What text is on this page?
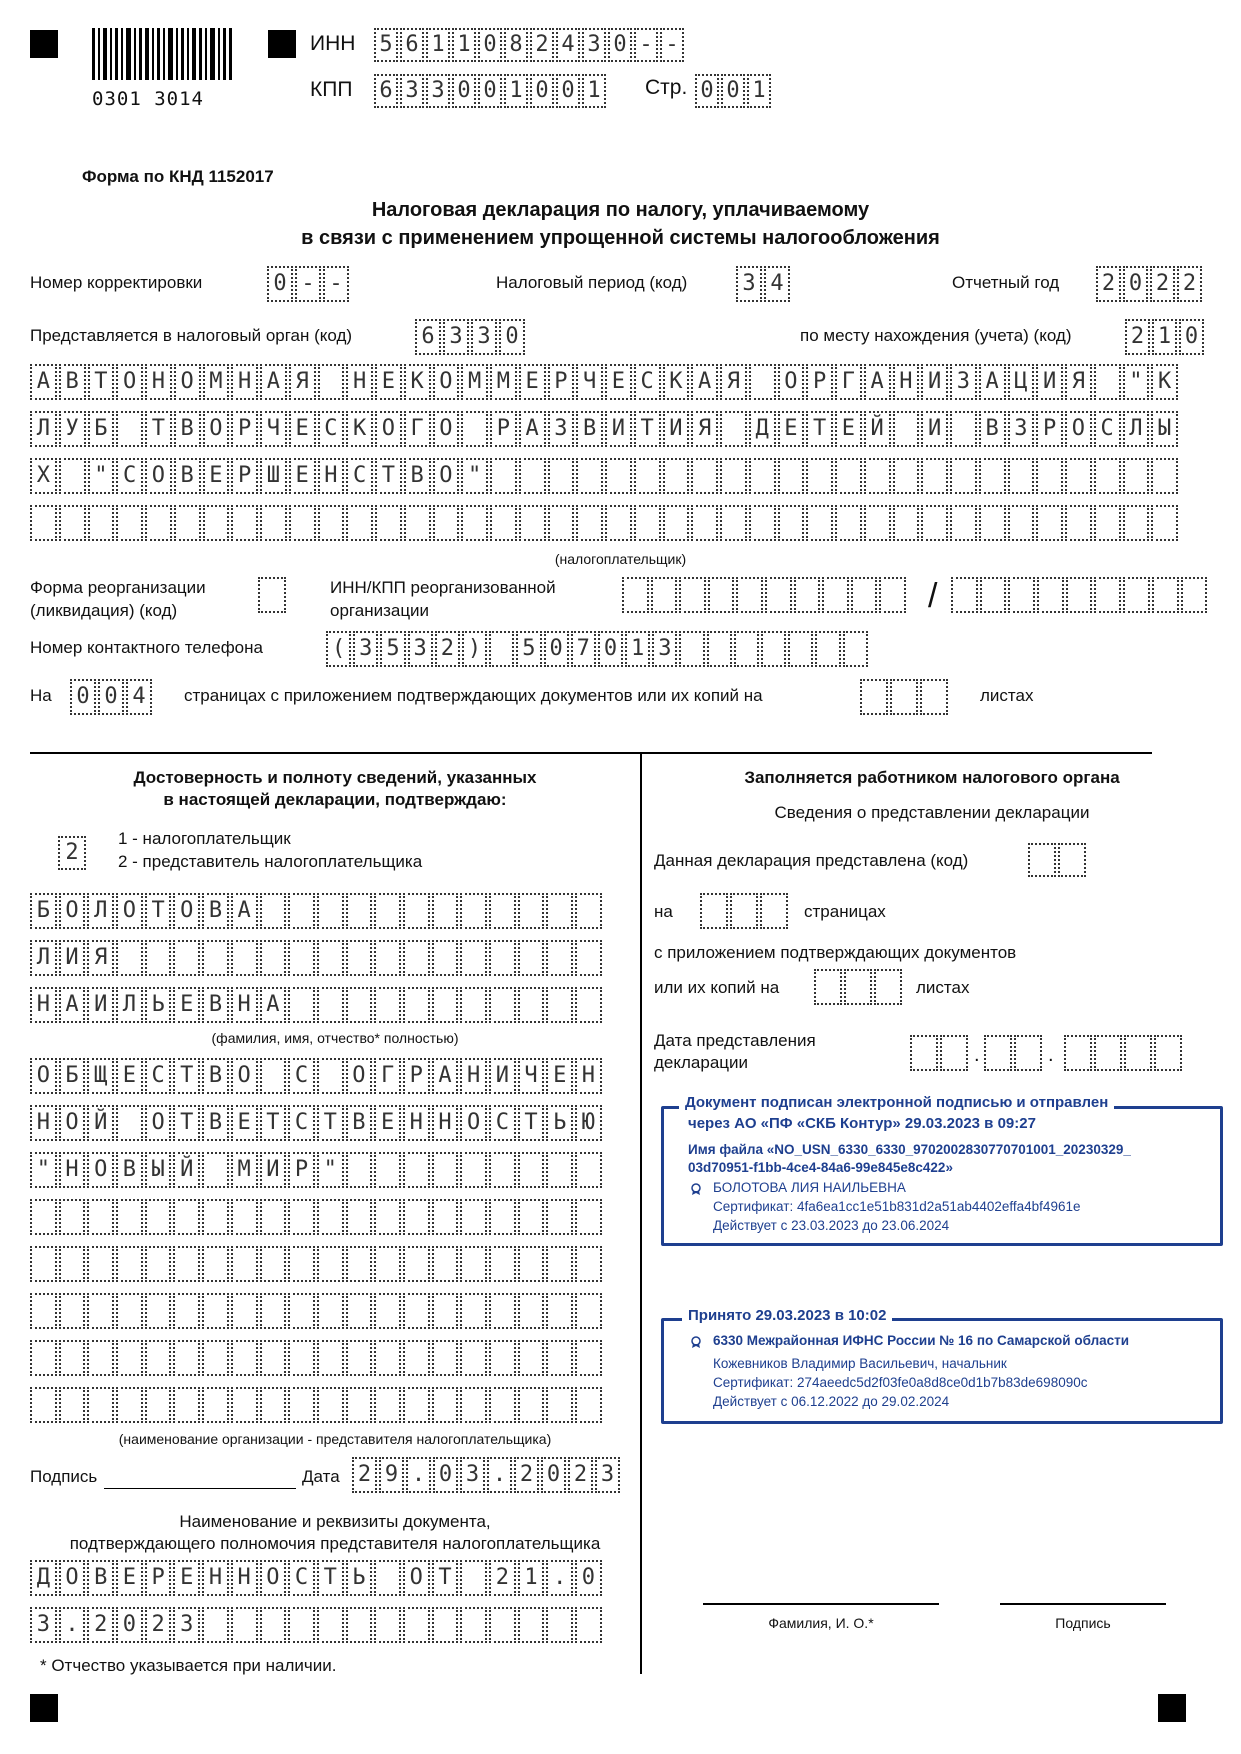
0301 3014
ИНН 5 6 1 1 0 8 2 4 3 0 - -
КПП 6 3 3 0 0 1 0 0 1 Стр. 0 0 1
Форма по КНД 1152017
Налоговая декларация по налогу, уплачиваемому
в связи с применением упрощенной системы налогообложения
Номер корректировки	0 - -	Налоговый период (код)	3 4	Отчетный год 2 0 2 2
Представляется в налоговый орган (код)	6 3 3 0	по месту нахождения (учета) (код)	2 1 0
А В Т О Н О М Н А Я	Н Е К О М М Е Р Ч Е С К А Я	О Р Г А Н И З А Ц И Я	" К
Л У Б	Т В О Р Ч Е С К О Г О	Р А З В И Т И Я	Д Е Т Е Й	И	В З Р О С Л Ы
Х	" С О В Е Р Ш Е Н С Т В О "
(налогоплательщик)
Форма реорганизации
(ликвидация) (код)
ИНН/КПП реорганизованной
организации	/
Номер контактного телефона	( 3 5 3 2 ) 5 0 7 0 1 3
На 0 0 4	страницах с приложением подтверждающих документов или их копий на	листах
Достоверность и полноту сведений, указанных
в настоящей декларации, подтверждаю:
2
1 - налогоплательщик
2 - представитель налогоплательщика
Б О Л О Т О В А
Л И Я
Н А И Л Ь Е В Н А
(фамилия, имя, отчество* полностью)
О Б Щ Е С Т В О	С	О Г Р А Н И Ч Е Н
Н О Й	О Т В Е Т С Т В Е Н Н О С Т Ь Ю
" Н О В Ы Й	М И Р "
(наименование организации - представителя налогоплательщика)
Подпись	Дата 2 9 . 0 3 . 2 0 2 3
Наименование и реквизиты документа,
подтверждающего полномочия представителя налогоплательщика
Д О В Е Р Е Н Н О С Т Ь	О Т	2 1 . 0
3 . 2 0 2 3
* Отчество указывается при наличии.
Заполняется работником налогового органа
Сведения о представлении декларации
Данная декларация представлена (код)
на	страницах
с приложением подтверждающих документов
или их копий на	листах
Дата представления
декларации	.	.
Документ подписан электронной подписью и отправлен
через АО «ПФ «СКБ Контур» 29.03.2023 в 09:27
Имя файла «NO_USN_6330_6330_9702002830770701001_20230329_
03d70951-f1bb-4ce4-84a6-99e845e8c422»
БОЛОТОВА ЛИЯ НАИЛЬЕВНА
Сертификат: 4fa6ea1cc1e51b831d2a51ab4402effa4bf4961e
Действует с 23.03.2023 до 23.06.2024
Принято 29.03.2023 в 10:02
6330 Межрайонная ИФНС России № 16 по Самарской области
Кожевников Владимир Васильевич, начальник
Сертификат: 274aeedc5d2f03fe0a8d8ce0d1b7b83de698090c
Действует с 06.12.2022 до 29.02.2024
Фамилия, И. О.*	Подпись
